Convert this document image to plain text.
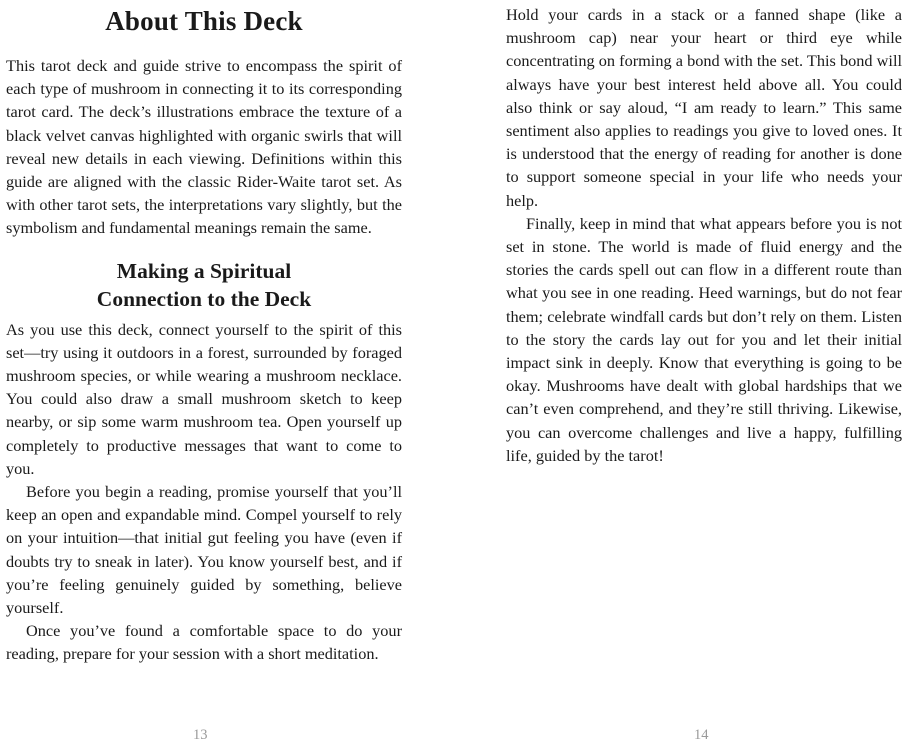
About This Deck

This tarot deck and guide strive to encompass the spirit of each type of mushroom in connecting it to its corresponding tarot card. The deck’s illustrations embrace the texture of a black velvet canvas highlighted with organic swirls that will reveal new details in each viewing. Definitions within this guide are aligned with the classic Rider-Waite tarot set. As with other tarot sets, the interpretations vary slightly, but the symbolism and fundamental meanings remain the same.

Making a Spiritual
Connection to the Deck

As you use this deck, connect yourself to the spirit of this set—try using it outdoors in a forest, surrounded by foraged mushroom species, or while wearing a mushroom necklace. You could also draw a small mushroom sketch to keep nearby, or sip some warm mushroom tea. Open yourself up completely to productive messages that want to come to you.

Before you begin a reading, promise yourself that you’ll keep an open and expandable mind. Compel yourself to rely on your intuition—that initial gut feeling you have (even if doubts try to sneak in later). You know yourself best, and if you’re feeling genuinely guided by something, believe yourself.

Once you’ve found a comfortable space to do your reading, prepare for your session with a short meditation.

Hold your cards in a stack or a fanned shape (like a mushroom cap) near your heart or third eye while concentrating on forming a bond with the set. This bond will always have your best interest held above all. You could also think or say aloud, “I am ready to learn.” This same sentiment also applies to readings you give to loved ones. It is understood that the energy of reading for another is done to support someone special in your life who needs your help.

Finally, keep in mind that what appears before you is not set in stone. The world is made of fluid energy and the stories the cards spell out can flow in a different route than what you see in one reading. Heed warnings, but do not fear them; celebrate windfall cards but don’t rely on them. Listen to the story the cards lay out for you and let their initial impact sink in deeply. Know that everything is going to be okay. Mushrooms have dealt with global hardships that we can’t even comprehend, and they’re still thriving. Likewise, you can overcome challenges and live a happy, fulfilling life, guided by the tarot!

13	14
